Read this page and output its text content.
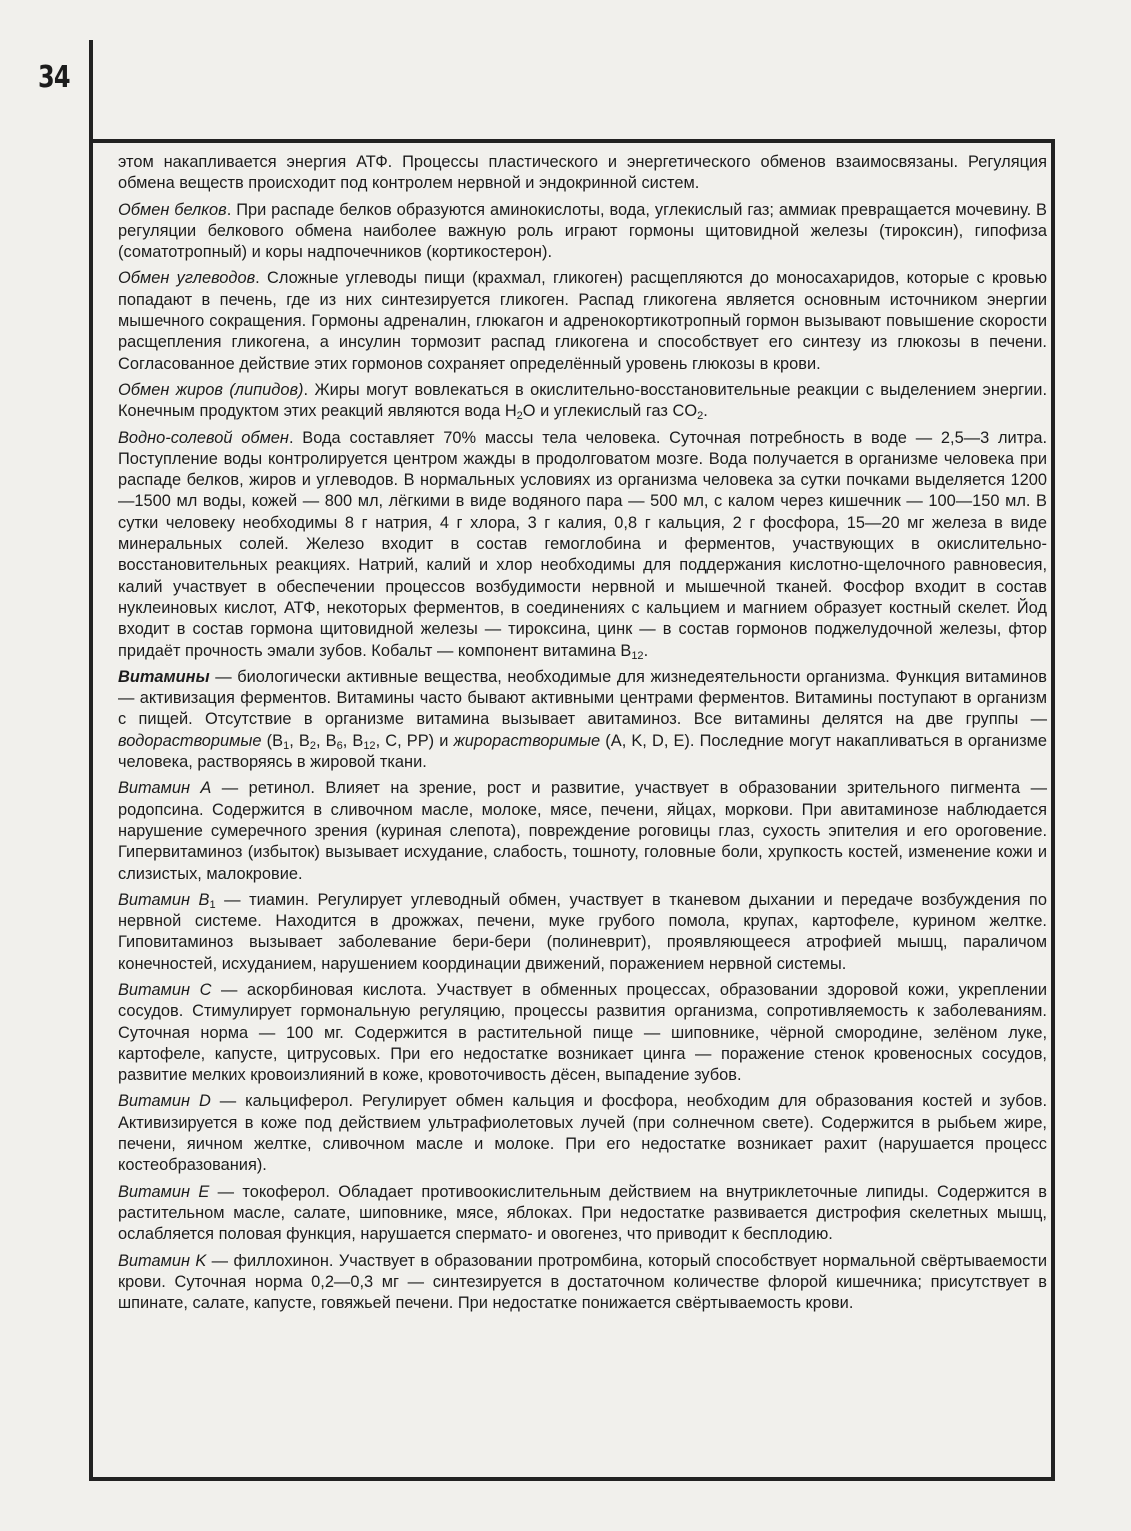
34

этом накапливается энергия АТФ. Процессы пластического и энергетического обменов взаимосвязаны. Регуляция обмена веществ происходит под контролем нервной и эндокринной систем.

Обмен белков. При распаде белков образуются аминокислоты, вода, углекислый газ; аммиак превращается мочевину. В регуляции белкового обмена наиболее важную роль играют гормоны щитовидной железы (тироксин), гипофиза (соматотропный) и коры надпочечников (кортикостерон).

Обмен углеводов. Сложные углеводы пищи (крахмал, гликоген) расщепляются до моносахаридов, которые с кровью попадают в печень, где из них синтезируется гликоген. Распад гликогена является основным источником энергии мышечного сокращения. Гормоны адреналин, глюкагон и адренокортикотропный гормон вызывают повышение скорости расщепления гликогена, а инсулин тормозит распад гликогена и способствует его синтезу из глюкозы в печени. Согласованное действие этих гормонов сохраняет определённый уровень глюкозы в крови.

Обмен жиров (липидов). Жиры могут вовлекаться в окислительно-восстановительные реакции с выделением энергии. Конечным продуктом этих реакций являются вода $H_2O$ и углекислый газ $CO_2$.

Водно-солевой обмен. Вода составляет 70% массы тела человека. Суточная потребность в воде — 2,5—3 литра. Поступление воды контролируется центром жажды в продолговатом мозге. Вода получается в организме человека при распаде белков, жиров и углеводов. В нормальных условиях из организма человека за сутки почками выделяется 1200—1500 мл воды, кожей — 800 мл, лёгкими в виде водяного пара — 500 мл, с калом через кишечник — 100—150 мл. В сутки человеку необходимы 8 г натрия, 4 г хлора, 3 г калия, 0,8 г кальция, 2 г фосфора, 15—20 мг железа в виде минеральных солей. Железо входит в состав гемоглобина и ферментов, участвующих в окислительно-восстановительных реакциях. Натрий, калий и хлор необходимы для поддержания кислотно-щелочного равновесия, калий участвует в обеспечении процессов возбудимости нервной и мышечной тканей. Фосфор входит в состав нуклеиновых кислот, АТФ, некоторых ферментов, в соединениях с кальцием и магнием образует костный скелет. Йод входит в состав гормона щитовидной железы — тироксина, цинк — в состав гормонов поджелудочной железы, фтор придаёт прочность эмали зубов. Кобальт — компонент витамина $B_{12}$.

Витамины — биологически активные вещества, необходимые для жизнедеятельности организма. Функция витаминов — активизация ферментов. Витамины часто бывают активными центрами ферментов. Витамины поступают в организм с пищей. Отсутствие в организме витамина вызывает авитаминоз. Все витамины делятся на две группы — водорастворимые ($B_1$, $B_2$, $B_6$, $B_{12}$, C, PP) и жирорастворимые (A, K, D, E). Последние могут накапливаться в организме человека, растворяясь в жировой ткани.

Витамин А — ретинол. Влияет на зрение, рост и развитие, участвует в образовании зрительного пигмента — родопсина. Содержится в сливочном масле, молоке, мясе, печени, яйцах, моркови. При авитаминозе наблюдается нарушение сумеречного зрения (куриная слепота), повреждение роговицы глаз, сухость эпителия и его ороговение. Гипервитаминоз (избыток) вызывает исхудание, слабость, тошноту, головные боли, хрупкость костей, изменение кожи и слизистых, малокровие.

Витамин $B_1$ — тиамин. Регулирует углеводный обмен, участвует в тканевом дыхании и передаче возбуждения по нервной системе. Находится в дрожжах, печени, муке грубого помола, крупах, картофеле, курином желтке. Гиповитаминоз вызывает заболевание бери-бери (полиневрит), проявляющееся атрофией мышц, параличом конечностей, исхуданием, нарушением координации движений, поражением нервной системы.

Витамин С — аскорбиновая кислота. Участвует в обменных процессах, образовании здоровой кожи, укреплении сосудов. Стимулирует гормональную регуляцию, процессы развития организма, сопротивляемость к заболеваниям. Суточная норма — 100 мг. Содержится в растительной пище — шиповнике, чёрной смородине, зелёном луке, картофеле, капусте, цитрусовых. При его недостатке возникает цинга — поражение стенок кровеносных сосудов, развитие мелких кровоизлияний в коже, кровоточивость дёсен, выпадение зубов.

Витамин D — кальциферол. Регулирует обмен кальция и фосфора, необходим для образования костей и зубов. Активизируется в коже под действием ультрафиолетовых лучей (при солнечном свете). Содержится в рыбьем жире, печени, яичном желтке, сливочном масле и молоке. При его недостатке возникает рахит (нарушается процесс костеобразования).

Витамин E — токоферол. Обладает противоокислительным действием на внутриклеточные липиды. Содержится в растительном масле, салате, шиповнике, мясе, яблоках. При недостатке развивается дистрофия скелетных мышц, ослабляется половая функция, нарушается спермато- и овогенез, что приводит к бесплодию.

Витамин K — филлохинон. Участвует в образовании протромбина, который способствует нормальной свёртываемости крови. Суточная норма 0,2—0,3 мг — синтезируется в достаточном количестве флорой кишечника; присутствует в шпинате, салате, капусте, говяжьей печени. При недостатке понижается свёртываемость крови.
